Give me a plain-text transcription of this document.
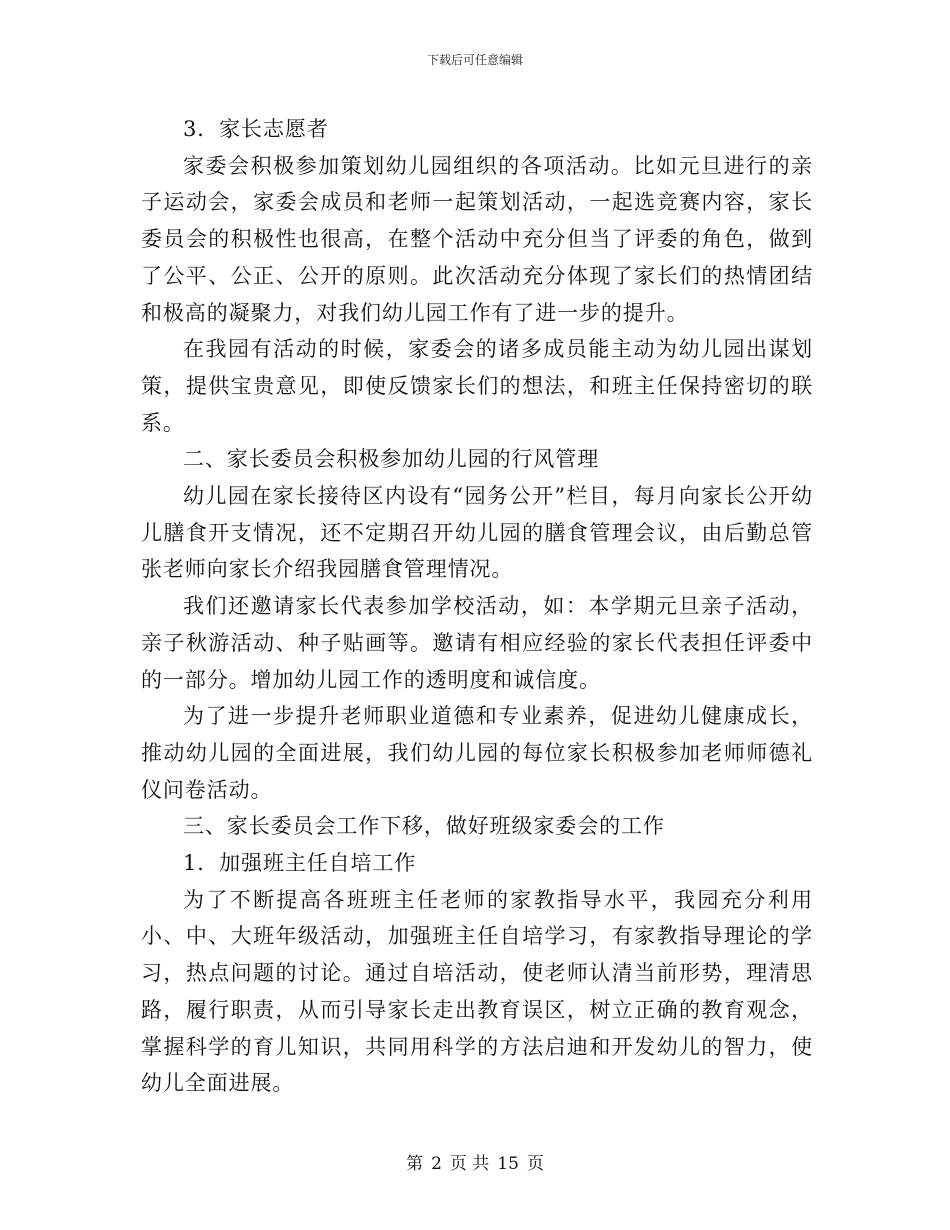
下载后可任意编辑

3．家长志愿者

家委会积极参加策划幼儿园组织的各项活动。比如元旦进行的亲子运动会，家委会成员和老师一起策划活动，一起选竞赛内容，家长委员会的积极性也很高，在整个活动中充分但当了评委的角色，做到了公平、公正、公开的原则。此次活动充分体现了家长们的热情团结和极高的凝聚力，对我们幼儿园工作有了进一步的提升。

在我园有活动的时候，家委会的诸多成员能主动为幼儿园出谋划策，提供宝贵意见，即使反馈家长们的想法，和班主任保持密切的联系。

二、家长委员会积极参加幼儿园的行风管理

幼儿园在家长接待区内设有“园务公开”栏目，每月向家长公开幼儿膳食开支情况，还不定期召开幼儿园的膳食管理会议，由后勤总管张老师向家长介绍我园膳食管理情况。

我们还邀请家长代表参加学校活动，如：本学期元旦亲子活动，亲子秋游活动、种子贴画等。邀请有相应经验的家长代表担任评委中的一部分。增加幼儿园工作的透明度和诚信度。

为了进一步提升老师职业道德和专业素养，促进幼儿健康成长，推动幼儿园的全面进展，我们幼儿园的每位家长积极参加老师师德礼仪问卷活动。

三、家长委员会工作下移，做好班级家委会的工作

1．加强班主任自培工作

为了不断提高各班班主任老师的家教指导水平，我园充分利用小、中、大班年级活动，加强班主任自培学习，有家教指导理论的学习，热点问题的讨论。通过自培活动，使老师认清当前形势，理清思路，履行职责，从而引导家长走出教育误区，树立正确的教育观念，掌握科学的育儿知识，共同用科学的方法启迪和开发幼儿的智力，使幼儿全面进展。

第 2 页 共 15 页
